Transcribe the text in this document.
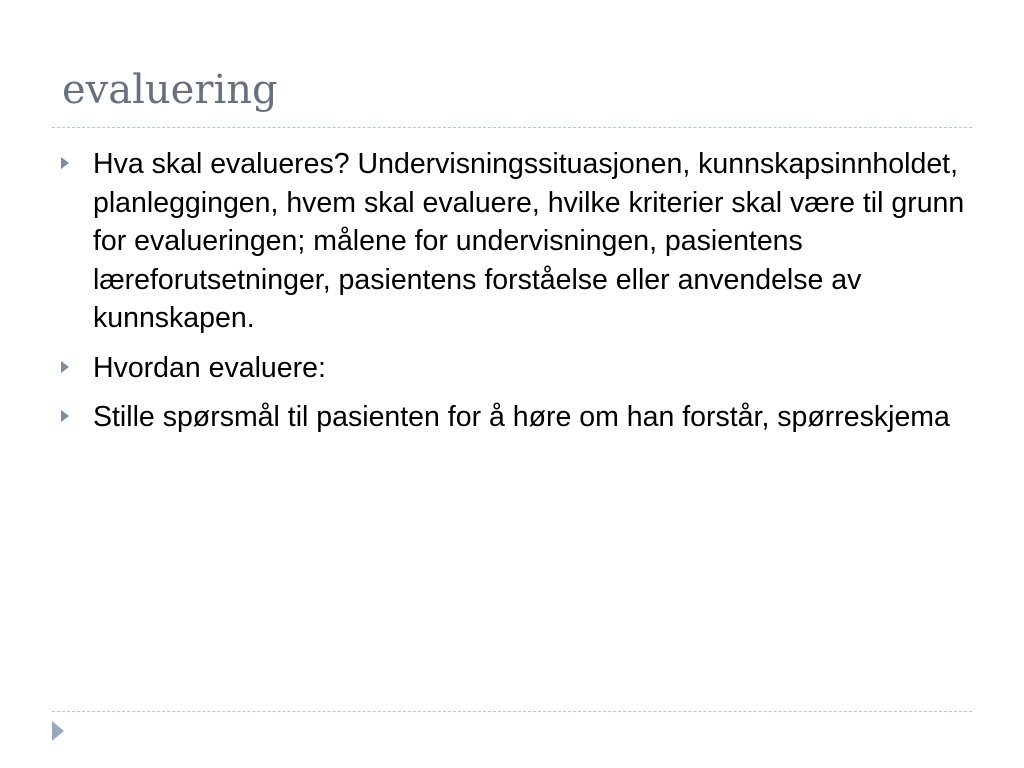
evaluering
Hva skal evalueres? Undervisningssituasjonen, kunnskapsinnholdet, planleggingen, hvem skal evaluere, hvilke kriterier skal være til grunn for evalueringen; målene for undervisningen, pasientens læreforutsetninger, pasientens forståelse eller anvendelse av kunnskapen.
Hvordan evaluere:
Stille spørsmål til pasienten for å høre om han forstår, spørreskjema
